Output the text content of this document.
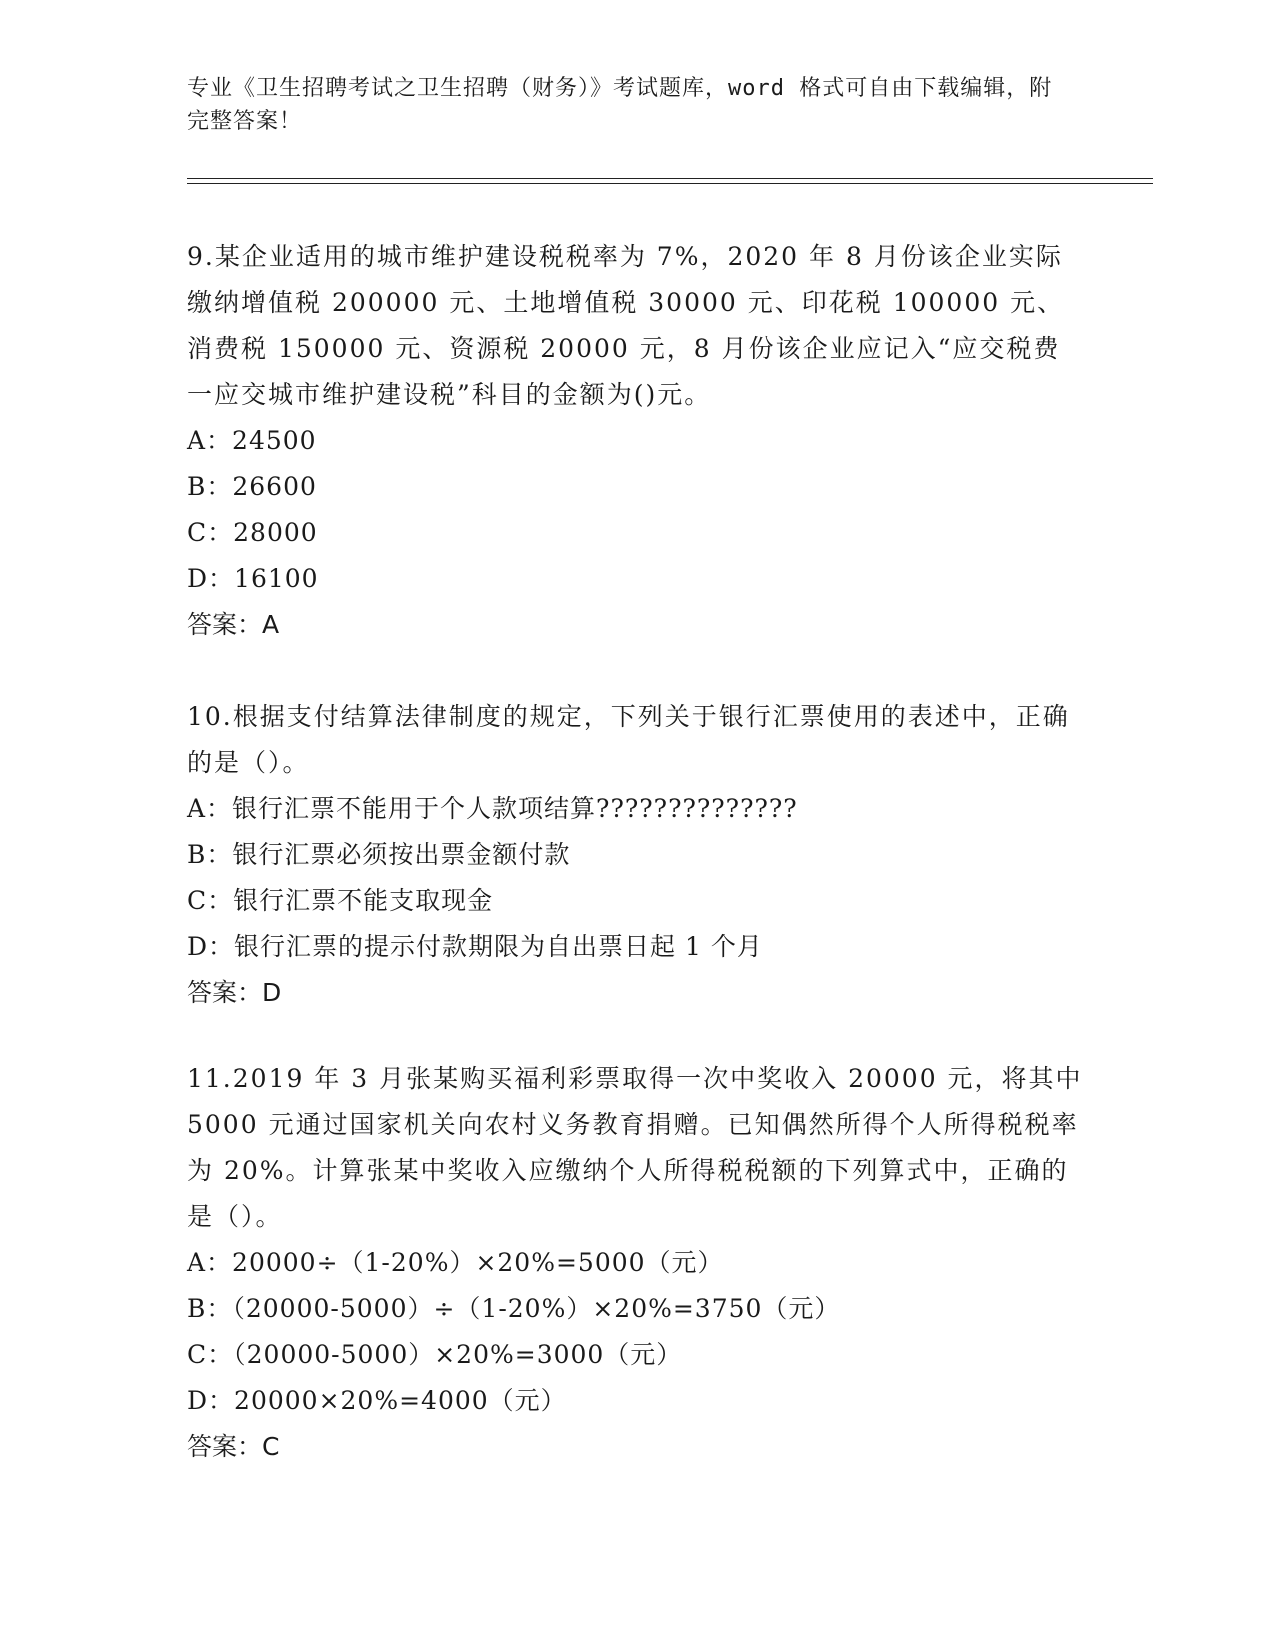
专业《卫生招聘考试之卫生招聘（财务）》考试题库，word 格式可自由下载编辑，附完整答案！

9.某企业适用的城市维护建设税税率为 7%，2020 年 8 月份该企业实际缴纳增值税 200000 元、土地增值税 30000 元、印花税 100000 元、消费税 150000 元、资源税 20000 元，8 月份该企业应记入“应交税费一应交城市维护建设税”科目的金额为()元。

A：24500

B：26600

C：28000

D：16100

答案：A

10.根据支付结算法律制度的规定，下列关于银行汇票使用的表述中，正确的是（）。

A：银行汇票不能用于个人款项结算??????????????

B：银行汇票必须按出票金额付款

C：银行汇票不能支取现金

D：银行汇票的提示付款期限为自出票日起 1 个月

答案：D

11.2019 年 3 月张某购买福利彩票取得一次中奖收入 20000 元，将其中 5000 元通过国家机关向农村义务教育捐赠。已知偶然所得个人所得税税率为 20%。计算张某中奖收入应缴纳个人所得税税额的下列算式中，正确的是（）。

A：20000÷（1-20%）×20%=5000（元）

B：（20000-5000）÷（1-20%）×20%=3750（元）

C：（20000-5000）×20%=3000（元）

D：20000×20%=4000（元）

答案：C
